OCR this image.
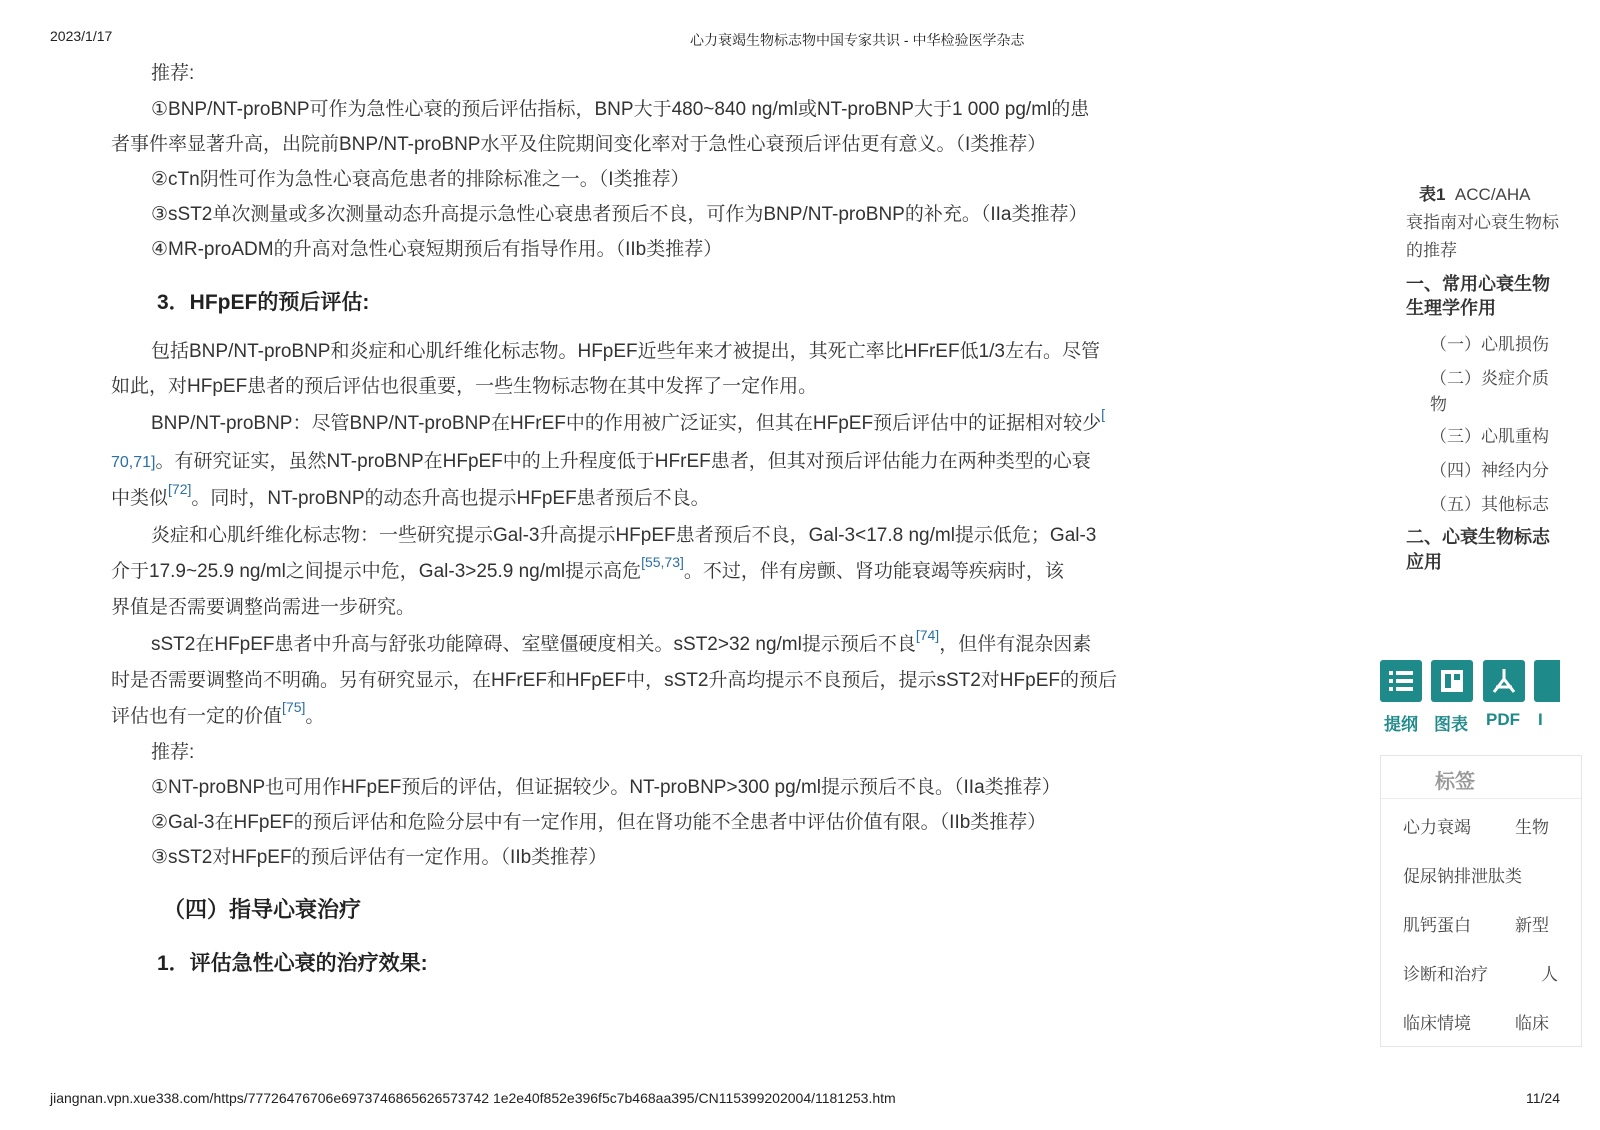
2023/1/17	心力衰竭生物标志物中国专家共识 - 中华检验医学杂志
推荐:
①BNP/NT-proBNP可作为急性心衰的预后评估指标，BNP大于480~840 ng/ml或NT-proBNP大于1 000 pg/ml的患
者事件率显著升高，出院前BNP/NT-proBNP水平及住院期间变化率对于急性心衰预后评估更有意义。（I类推荐）
②cTn阴性可作为急性心衰高危患者的排除标准之一。（I类推荐）
③sST2单次测量或多次测量动态升高提示急性心衰患者预后不良，可作为BNP/NT-proBNP的补充。（IIa类推荐）
④MR-proADM的升高对急性心衰短期预后有指导作用。（IIb类推荐）
3．HFpEF的预后评估:
包括BNP/NT-proBNP和炎症和心肌纤维化标志物。HFpEF近些年来才被提出，其死亡率比HFrEF低1/3左右。尽管
如此，对HFpEF患者的预后评估也很重要，一些生物标志物在其中发挥了一定作用。
BNP/NT-proBNP：尽管BNP/NT-proBNP在HFrEF中的作用被广泛证实，但其在HFpEF预后评估中的证据相对较少[
70,71]。有研究证实，虽然NT-proBNP在HFpEF中的上升程度低于HFrEF患者，但其对预后评估能力在两种类型的心衰
中类似[72]。同时，NT-proBNP的动态升高也提示HFpEF患者预后不良。
炎症和心肌纤维化标志物：一些研究提示Gal-3升高提示HFpEF患者预后不良，Gal-3<17.8 ng/ml提示低危；Gal-3
介于17.9~25.9 ng/ml之间提示中危，Gal-3>25.9 ng/ml提示高危[55,73]。不过，伴有房颤、肾功能衰竭等疾病时，该
界值是否需要调整尚需进一步研究。
sST2在HFpEF患者中升高与舒张功能障碍、室壁僵硬度相关。sST2>32 ng/ml提示预后不良[74]，但伴有混杂因素
时是否需要调整尚不明确。另有研究显示，在HFrEF和HFpEF中，sST2升高均提示不良预后，提示sST2对HFpEF的预后
评估也有一定的价值[75]。
推荐:
①NT-proBNP也可用作HFpEF预后的评估，但证据较少。NT-proBNP>300 pg/ml提示预后不良。（IIa类推荐）
②Gal-3在HFpEF的预后评估和危险分层中有一定作用，但在肾功能不全患者中评估价值有限。（IIb类推荐）
③sST2对HFpEF的预后评估有一定作用。（IIb类推荐）
（四）指导心衰治疗
1．评估急性心衰的治疗效果:
表1 ACC/AHA
衰指南对心衰生物标
的推荐
一、常用心衰生物
生理学作用
（一）心肌损伤
（二）炎症介质
物
（三）心肌重构
（四）神经内分
（五）其他标志
二、心衰生物标志
应用
提纲 图表 PDF I
标签
心力衰竭	生物
促尿钠排泄肽类
肌钙蛋白	新型
诊断和治疗	人
临床情境	临床
jiangnan.vpn.xue338.com/https/77726476706e6973746865626573742 1e2e40f852e396f5c7b468aa395/CN115399202004/1181253.htm	11/24
